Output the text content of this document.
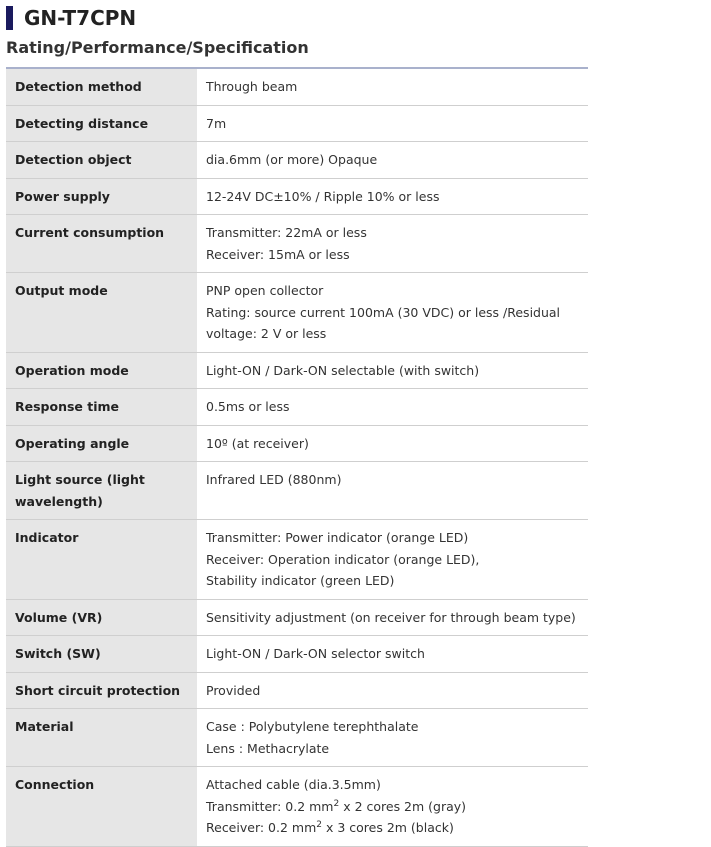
GN-T7CPN
Rating/Performance/Specification
Detection method	Through beam

Detecting distance	7m

Detection object	dia.6mm (or more) Opaque

Power supply	12-24V DC±10% / Ripple 10% or less

Current consumption	Transmitter: 22mA or less
Receiver: 15mA or less

Output mode	PNP open collector
Rating: source current 100mA (30 VDC) or less /Residual
voltage: 2 V or less

Operation mode	Light-ON / Dark-ON selectable (with switch)

Response time	0.5ms or less

Operating angle	10º (at receiver)

Light source (light wavelength)	Infrared LED (880nm)

Indicator	Transmitter: Power indicator (orange LED)
Receiver: Operation indicator (orange LED),
Stability indicator (green LED)

Volume (VR)	Sensitivity adjustment (on receiver for through beam type)

Switch (SW)	Light-ON / Dark-ON selector switch

Short circuit protection	Provided

Material	Case : Polybutylene terephthalate
Lens : Methacrylate

Connection	Attached cable (dia.3.5mm)
Transmitter: 0.2 $mm^2$ x 2 cores 2m (gray)
Receiver: 0.2 $mm^2$ x 3 cores 2m (black)
